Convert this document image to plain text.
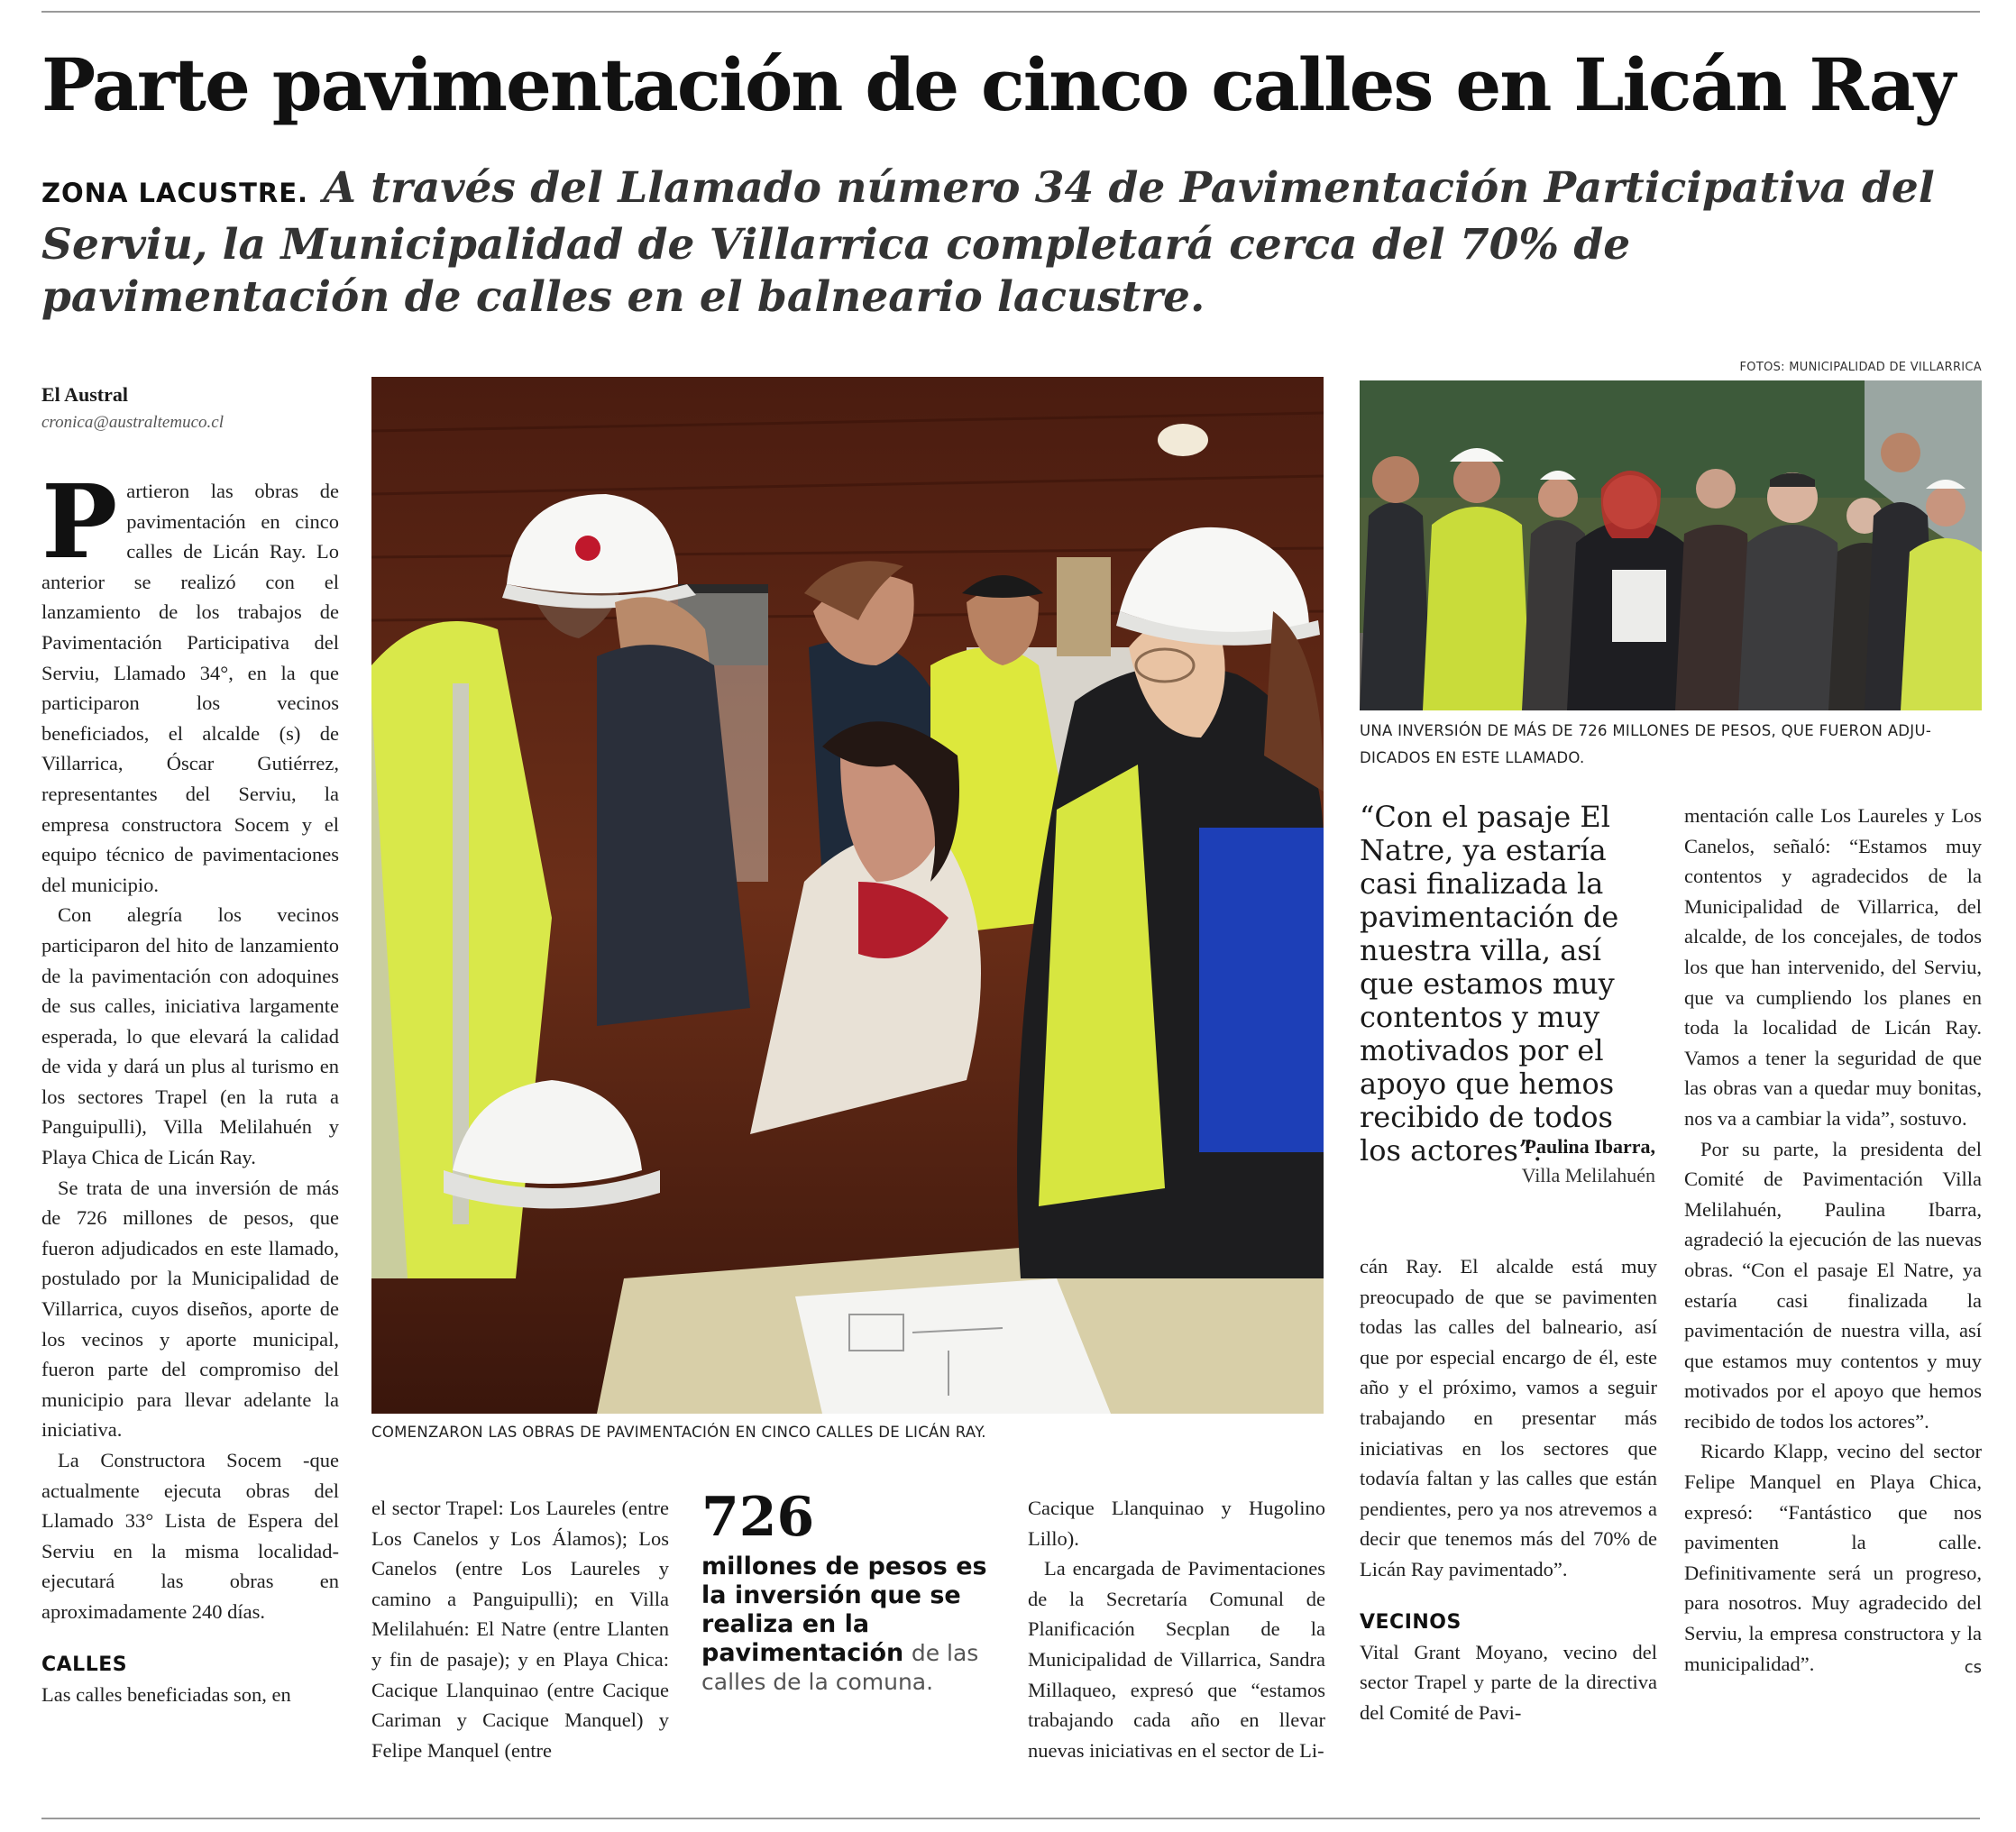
Parte pavimentación de cinco calles en Licán Ray
ZONA LACUSTRE. A través del Llamado número 34 de Pavimentación Participativa del Serviu, la Municipalidad de Villarrica completará cerca del 70% de pavimentación de calles en el balneario lacustre.
El Austral
cronica@australtemuco.cl

Partieron las obras de pavimentación en cinco calles de Licán Ray. Lo anterior se realizó con el lanzamiento de los trabajos de Pavimentación Participativa del Serviu, Llamado 34°, en la que participaron los vecinos beneficiados, el alcalde (s) de Villarrica, Óscar Gutiérrez, representantes del Serviu, la empresa constructora Socem y el equipo técnico de pavimentaciones del municipio.

Con alegría los vecinos participaron del hito de lanzamiento de la pavimentación con adoquines de sus calles, iniciativa largamente esperada, lo que elevará la calidad de vida y dará un plus al turismo en los sectores Trapel (en la ruta a Panguipulli), Villa Melilahuén y Playa Chica de Licán Ray.

Se trata de una inversión de más de 726 millones de pesos, que fueron adjudicados en este llamado, postulado por la Municipalidad de Villarrica, cuyos diseños, aporte de los vecinos y aporte municipal, fueron parte del compromiso del municipio para llevar adelante la iniciativa.

La Constructora Socem -que actualmente ejecuta obras del Llamado 33° Lista de Espera del Serviu en la misma localidad- ejecutará las obras en aproximadamente 240 días.

CALLES

Las calles beneficiadas son, en

COMENZARON LAS OBRAS DE PAVIMENTACIÓN EN CINCO CALLES DE LICÁN RAY.
FOTOS: MUNICIPALIDAD DE VILLARRICA
UNA INVERSIÓN DE MÁS DE 726 MILLONES DE PESOS, QUE FUERON ADJU-
DICADOS EN ESTE LLAMADO.

el sector Trapel: Los Laureles (entre Los Canelos y Los Álamos); Los Canelos (entre Los Laureles y camino a Panguipulli); en Villa Melilahuén: El Natre (entre Llanten y fin de pasaje); y en Playa Chica: Cacique Llanquinao (entre Cacique Cariman y Cacique Manquel) y Felipe Manquel (entre

726
millones de pesos es la inversión que se realiza en la pavimentación de las calles de la comuna.

Cacique Llanquinao y Hugolino Lillo).

La encargada de Pavimentaciones de la Secretaría Comunal de Planificación Secplan de la Municipalidad de Villarrica, Sandra Millaqueo, expresó que “estamos trabajando cada año en llevar nuevas iniciativas en el sector de Li-

“Con el pasaje El Natre, ya estaría casi finalizada la pavimentación de nuestra villa, así que estamos muy contentos y muy motivados por el apoyo que hemos recibido de todos los actores”.
Paulina Ibarra,
Villa Melilahuén

cán Ray. El alcalde está muy preocupado de que se pavimenten todas las calles del balneario, así que por especial encargo de él, este año y el próximo, vamos a seguir trabajando en presentar más iniciativas en los sectores que todavía faltan y las calles que están pendientes, pero ya nos atrevemos a decir que tenemos más del 70% de Licán Ray pavimentado”.

VECINOS

Vital Grant Moyano, vecino del sector Trapel y parte de la directiva del Comité de Pavi-

mentación calle Los Laureles y Los Canelos, señaló: “Estamos muy contentos y agradecidos de la Municipalidad de Villarrica, del alcalde, de los concejales, de todos los que han intervenido, del Serviu, que va cumpliendo los planes en toda la localidad de Licán Ray. Vamos a tener la seguridad de que las obras van a quedar muy bonitas, nos va a cambiar la vida”, sostuvo.

Por su parte, la presidenta del Comité de Pavimentación Villa Melilahuén, Paulina Ibarra, agradeció la ejecución de las nuevas obras. “Con el pasaje El Natre, ya estaría casi finalizada la pavimentación de nuestra villa, así que estamos muy contentos y muy motivados por el apoyo que hemos recibido de todos los actores”.

Ricardo Klapp, vecino del sector Felipe Manquel en Playa Chica, expresó: “Fantástico que nos pavimenten la calle. Definitivamente será un progreso, para nosotros. Muy agradecido del Serviu, la empresa constructora y la municipalidad”.	cs
